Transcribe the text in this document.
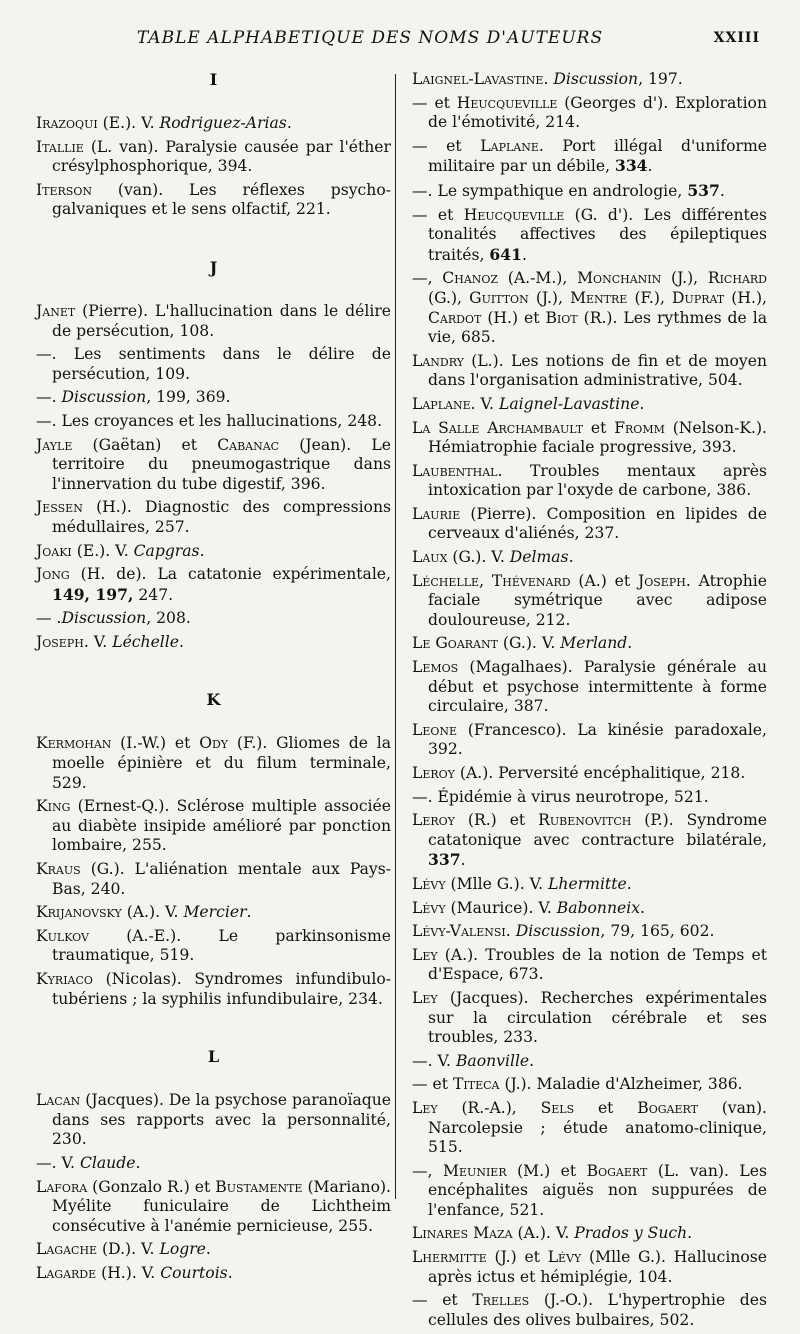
TABLE ALPHABETIQUE DES NOMS D'AUTEURS	XXIII
I
Irazoqui (E.). V. Rodriguez-Arias.
Itallie (L. van). Paralysie causée par l'éther crésylphosphorique, 394.
Iterson (van). Les réflexes psycho-galvaniques et le sens olfactif, 221.
J
Janet (Pierre). L'hallucination dans le délire de persécution, 108.
—. Les sentiments dans le délire de persécution, 109.
—. Discussion, 199, 369.
—. Les croyances et les hallucinations, 248.
Jayle (Gaëtan) et Cabanac (Jean). Le territoire du pneumogastrique dans l'innervation du tube digestif, 396.
Jessen (H.). Diagnostic des compressions médullaires, 257.
Joaki (E.). V. Capgras.
Jong (H. de). La catatonie expérimentale, 149, 197, 247.
— .Discussion, 208.
Joseph. V. Léchelle.
K
Kermohan (I.-W.) et Ody (F.). Gliomes de la moelle épinière et du filum terminale, 529.
King (Ernest-Q.). Sclérose multiple associée au diabète insipide amélioré par ponction lombaire, 255.
Kraus (G.). L'aliénation mentale aux Pays-Bas, 240.
Krijanovsky (A.). V. Mercier.
Kulkov (A.-E.). Le parkinsonisme traumatique, 519.
Kyriaco (Nicolas). Syndromes infundibulo-tubériens ; la syphilis infundibulaire, 234.
L
Lacan (Jacques). De la psychose paranoïaque dans ses rapports avec la personnalité, 230.
—. V. Claude.
Lafora (Gonzalo R.) et Bustamente (Mariano). Myélite funiculaire de Lichtheim consécutive à l'anémie pernicieuse, 255.
Lagache (D.). V. Logre.
Lagarde (H.). V. Courtois.
Laignel-Lavastine. Discussion, 197.
— et Heucqueville (Georges d'). Exploration de l'émotivité, 214.
— et Laplane. Port illégal d'uniforme militaire par un débile, 334.
—. Le sympathique en andrologie, 537.
— et Heucqueville (G. d'). Les différentes tonalités affectives des épileptiques traités, 641.
—, Chanoz (A.-M.), Monchanin (J.), Richard (G.), Guitton (J.), Mentre (F.), Duprat (H.), Cardot (H.) et Biot (R.). Les rythmes de la vie, 685.
Landry (L.). Les notions de fin et de moyen dans l'organisation administrative, 504.
Laplane. V. Laignel-Lavastine.
La Salle Archambault et Fromm (Nelson-K.). Hémiatrophie faciale progressive, 393.
Laubenthal. Troubles mentaux après intoxication par l'oxyde de carbone, 386.
Laurie (Pierre). Composition en lipides de cerveaux d'aliénés, 237.
Laux (G.). V. Delmas.
Léchelle, Thévenard (A.) et Joseph. Atrophie faciale symétrique avec adipose douloureuse, 212.
Le Goarant (G.). V. Merland.
Lemos (Magalhaes). Paralysie générale au début et psychose intermittente à forme circulaire, 387.
Leone (Francesco). La kinésie paradoxale, 392.
Leroy (A.). Perversité encéphalitique, 218.
—. Épidémie à virus neurotrope, 521.
Leroy (R.) et Rubenovitch (P.). Syndrome catatonique avec contracture bilatérale, 337.
Lévy (Mlle G.). V. Lhermitte.
Lévy (Maurice). V. Babonneix.
Lévy-Valensi. Discussion, 79, 165, 602.
Ley (A.). Troubles de la notion de Temps et d'Espace, 673.
Ley (Jacques). Recherches expérimentales sur la circulation cérébrale et ses troubles, 233.
—. V. Baonville.
— et Titeca (J.). Maladie d'Alzheimer, 386.
Ley (R.-A.), Sels et Bogaert (van). Narcolepsie ; étude anatomo-clinique, 515.
—, Meunier (M.) et Bogaert (L. van). Les encéphalites aiguës non suppurées de l'enfance, 521.
Linares Maza (A.). V. Prados y Such.
Lhermitte (J.) et Lévy (Mlle G.). Hallucinose après ictus et hémiplégie, 104.
— et Trelles (J.-O.). L'hypertrophie des cellules des olives bulbaires, 502.
